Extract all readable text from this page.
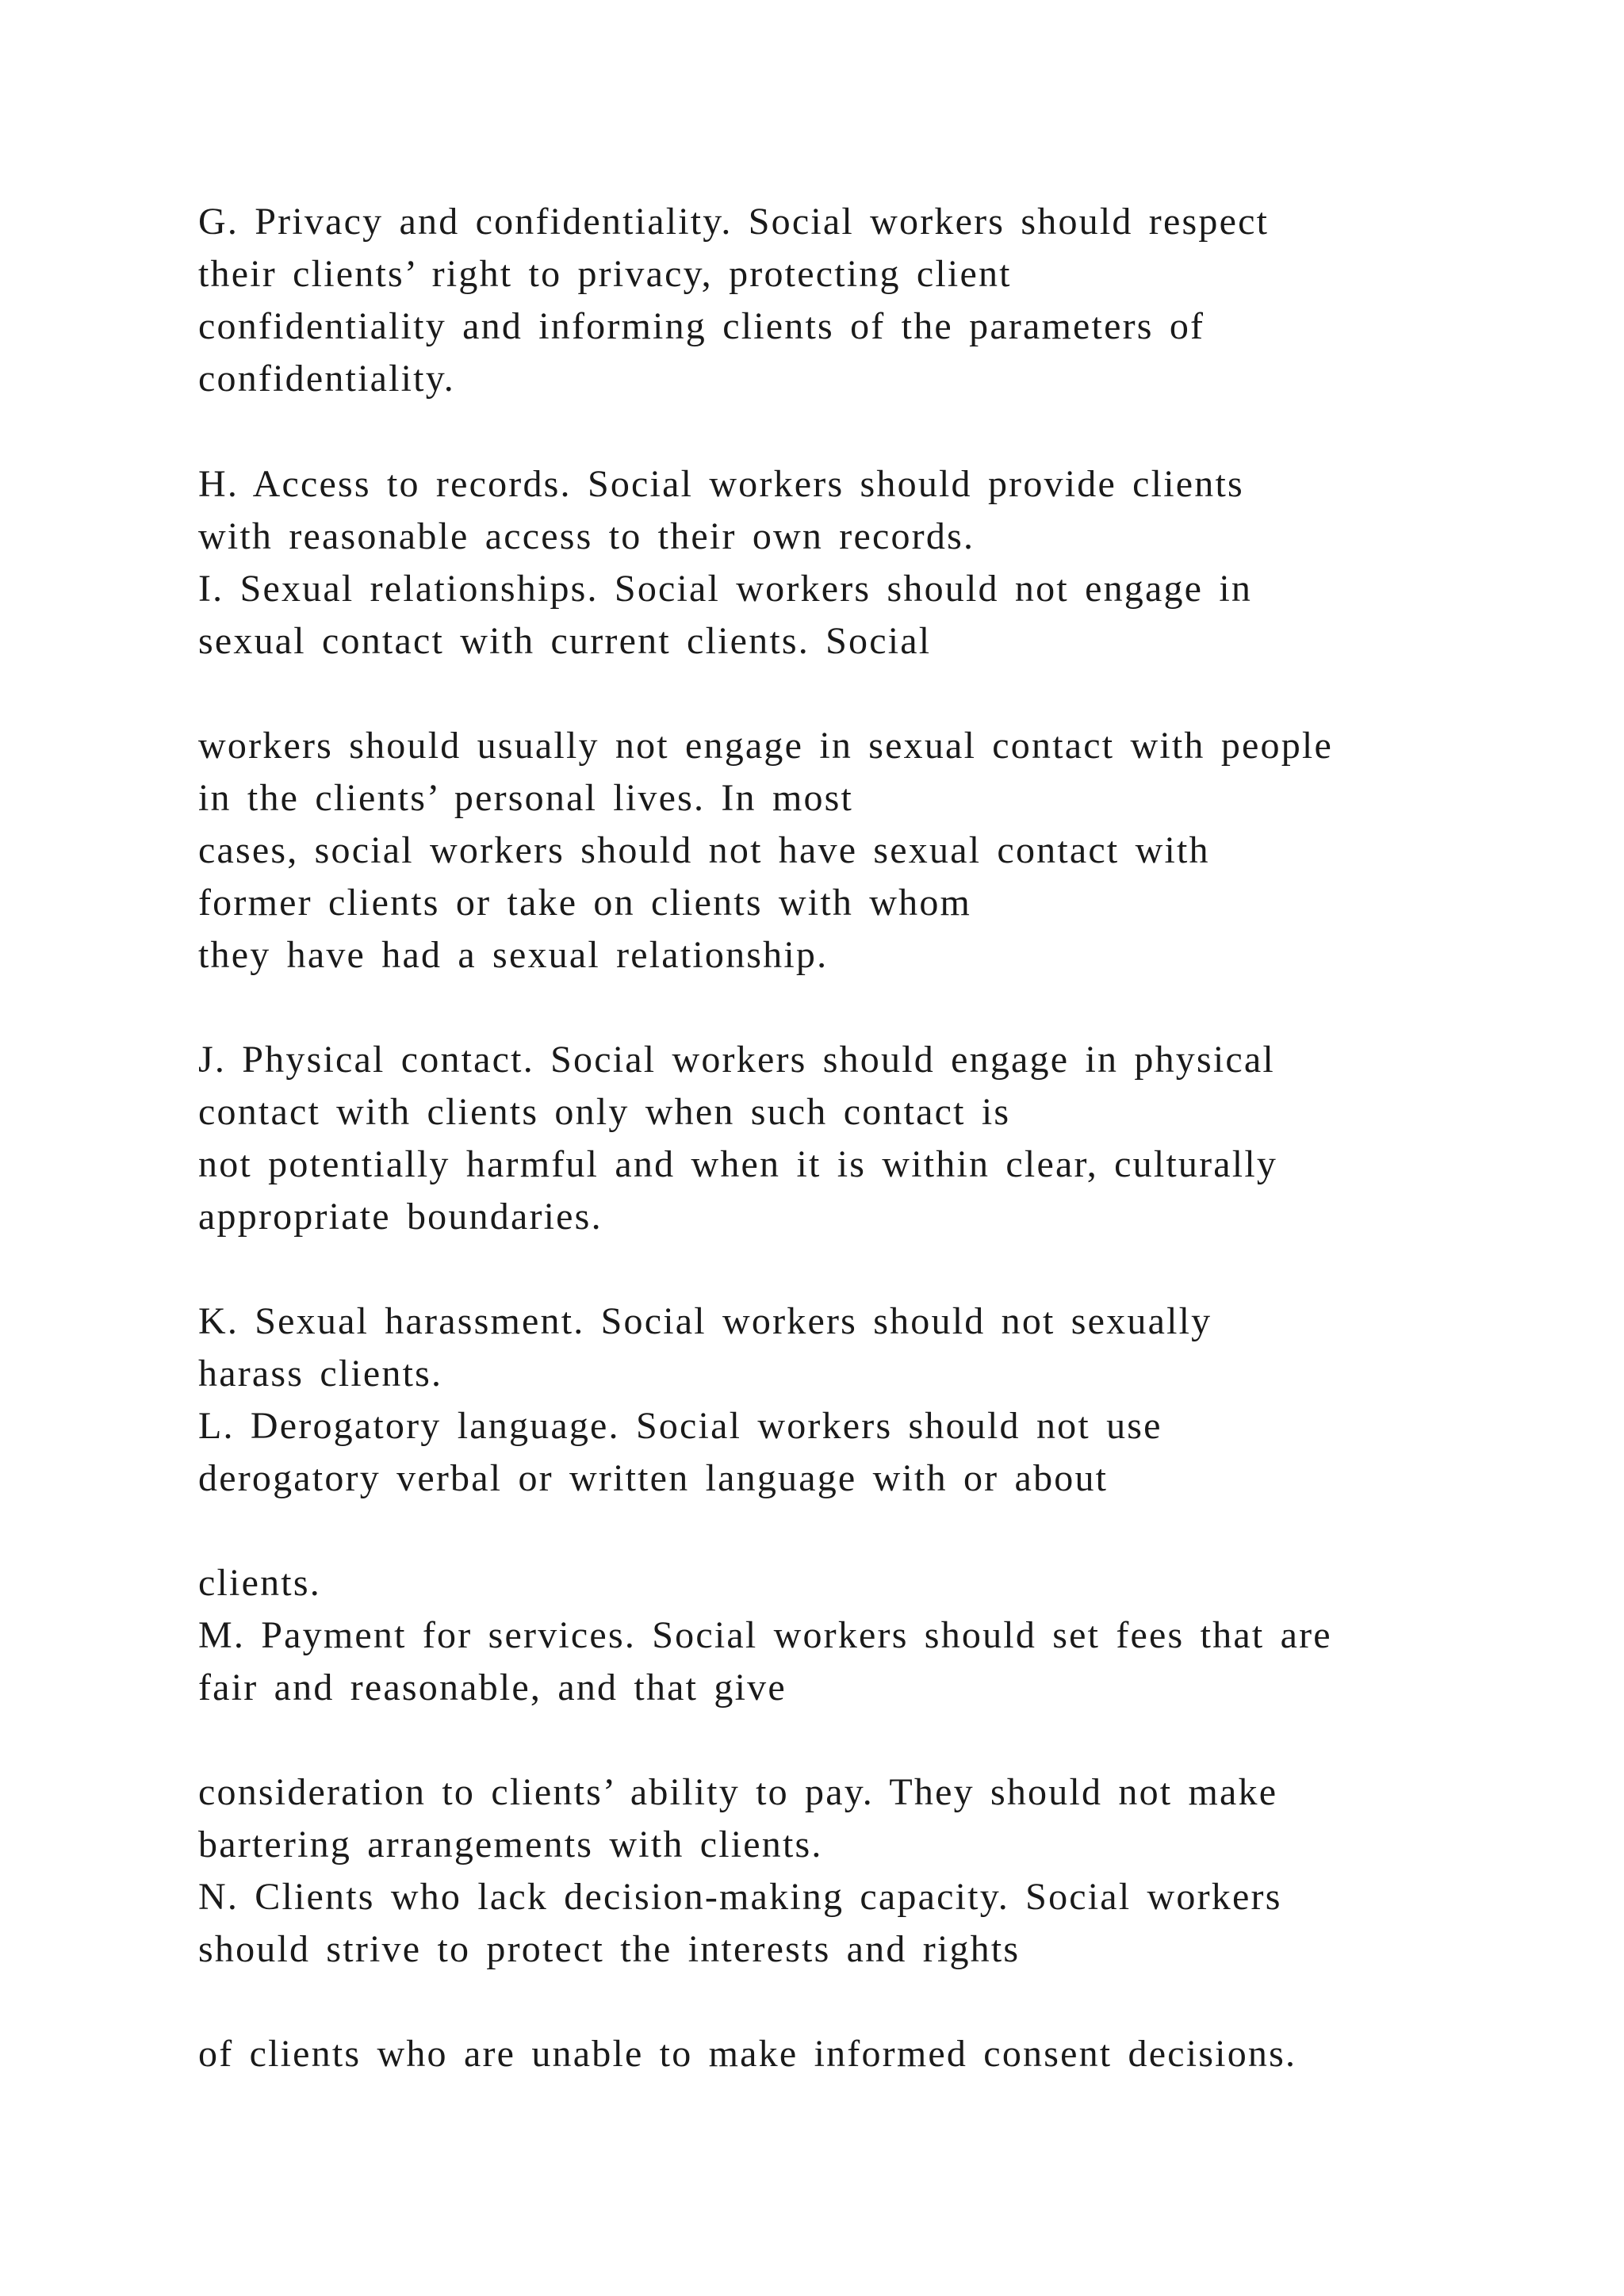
G. Privacy and confidentiality. Social workers should respect

their clients’ right to privacy, protecting client

confidentiality and informing clients of the parameters of

confidentiality.

H. Access to records. Social workers should provide clients

with reasonable access to their own records.

I. Sexual relationships. Social workers should not engage in

sexual contact with current clients. Social

workers should usually not engage in sexual contact with people

in the clients’ personal lives. In most

cases, social workers should not have sexual contact with

former clients or take on clients with whom

they have had a sexual relationship.

J. Physical contact. Social workers should engage in physical

contact with clients only when such contact is

not potentially harmful and when it is within clear, culturally

appropriate boundaries.

K. Sexual harassment. Social workers should not sexually

harass clients.

L. Derogatory language. Social workers should not use

derogatory verbal or written language with or about

clients.

M. Payment for services. Social workers should set fees that are

fair and reasonable, and that give

consideration to clients’ ability to pay. They should not make

bartering arrangements with clients.

N. Clients who lack decision-making capacity. Social workers

should strive to protect the interests and rights

of clients who are unable to make informed consent decisions.
